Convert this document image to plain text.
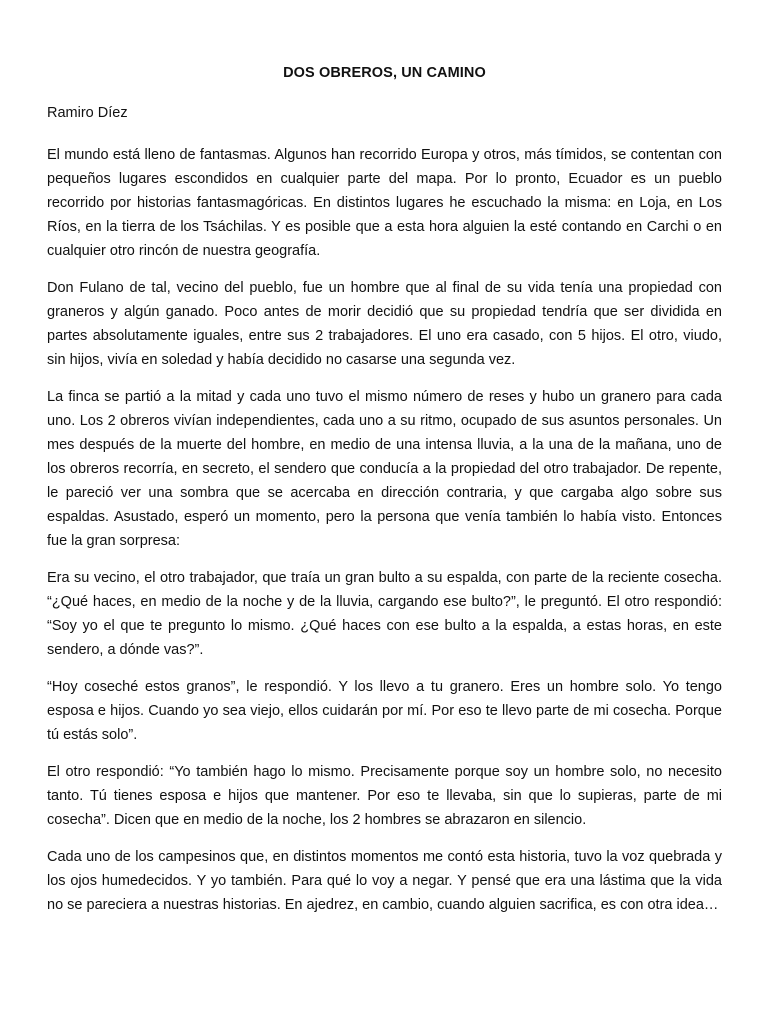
DOS OBREROS, UN CAMINO
Ramiro Díez

El mundo está lleno de fantasmas. Algunos han recorrido Europa y otros, más tímidos, se contentan con pequeños lugares escondidos en cualquier parte del mapa. Por lo pronto, Ecuador es un pueblo recorrido por historias fantasmagóricas. En distintos lugares he escuchado la misma: en Loja, en Los Ríos, en la tierra de los Tsáchilas. Y es posible que a esta hora alguien la esté contando en Carchi o en cualquier otro rincón de nuestra geografía.

Don Fulano de tal, vecino del pueblo, fue un hombre que al final de su vida tenía una propiedad con graneros y algún ganado. Poco antes de morir decidió que su propiedad tendría que ser dividida en partes absolutamente iguales, entre sus 2 trabajadores. El uno era casado, con 5 hijos. El otro, viudo, sin hijos, vivía en soledad y había decidido no casarse una segunda vez.

La finca se partió a la mitad y cada uno tuvo el mismo número de reses y hubo un granero para cada uno. Los 2 obreros vivían independientes, cada uno a su ritmo, ocupado de sus asuntos personales. Un mes después de la muerte del hombre, en medio de una intensa lluvia, a la una de la mañana, uno de los obreros recorría, en secreto, el sendero que conducía a la propiedad del otro trabajador. De repente, le pareció ver una sombra que se acercaba en dirección contraria, y que cargaba algo sobre sus espaldas. Asustado, esperó un momento, pero la persona que venía también lo había visto. Entonces fue la gran sorpresa:

Era su vecino, el otro trabajador, que traía un gran bulto a su espalda, con parte de la reciente cosecha. “¿Qué haces, en medio de la noche y de la lluvia, cargando ese bulto?”, le preguntó. El otro respondió: “Soy yo el que te pregunto lo mismo. ¿Qué haces con ese bulto a la espalda, a estas horas, en este sendero, a dónde vas?”.

“Hoy coseché estos granos”, le respondió. Y los llevo a tu granero. Eres un hombre solo. Yo tengo esposa e hijos. Cuando yo sea viejo, ellos cuidarán por mí. Por eso te llevo parte de mi cosecha. Porque tú estás solo”.

El otro respondió: “Yo también hago lo mismo. Precisamente porque soy un hombre solo, no necesito tanto. Tú tienes esposa e hijos que mantener. Por eso te llevaba, sin que lo supieras, parte de mi cosecha”. Dicen que en medio de la noche, los 2 hombres se abrazaron en silencio.

Cada uno de los campesinos que, en distintos momentos me contó esta historia, tuvo la voz quebrada y los ojos humedecidos. Y yo también. Para qué lo voy a negar. Y pensé que era una lástima que la vida no se pareciera a nuestras historias. En ajedrez, en cambio, cuando alguien sacrifica, es con otra idea…
